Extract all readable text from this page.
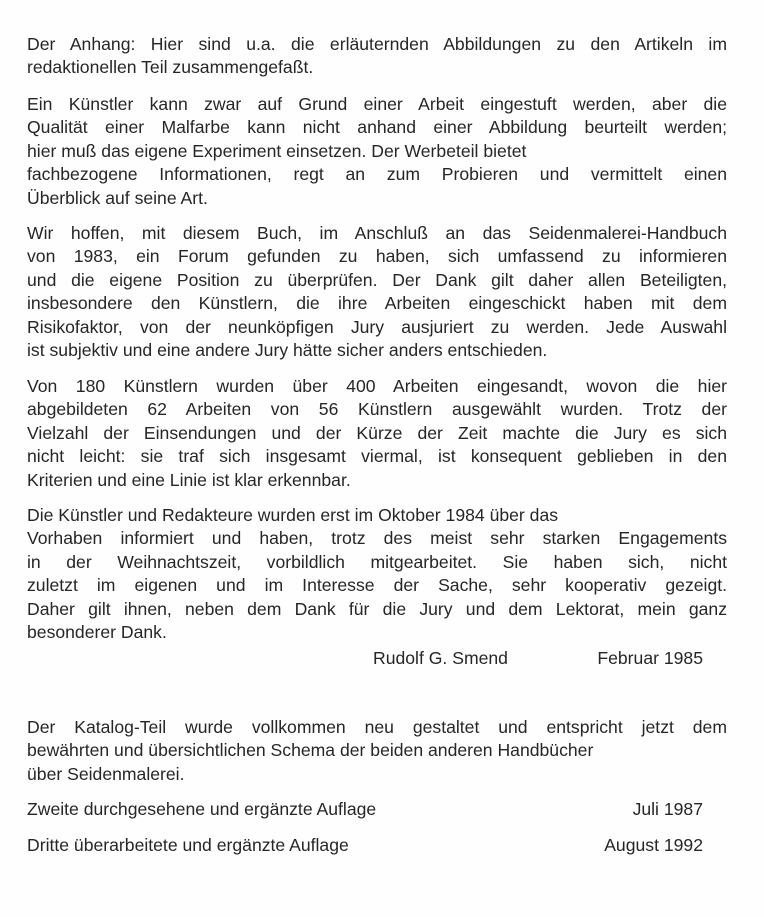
Der Anhang: Hier sind u.a. die erläuternden Abbildungen zu den Artikeln im
redaktionellen Teil zusammengefaßt.
Ein Künstler kann zwar auf Grund einer Arbeit eingestuft werden, aber die
Qualität einer Malfarbe kann nicht anhand einer Abbildung beurteilt werden;
hier muß das eigene Experiment einsetzen. Der Werbeteil bietet
fachbezogene Informationen, regt an zum Probieren und vermittelt einen
Überblick auf seine Art.
Wir hoffen, mit diesem Buch, im Anschluß an das Seidenmalerei-Handbuch
von 1983, ein Forum gefunden zu haben, sich umfassend zu informieren
und die eigene Position zu überprüfen. Der Dank gilt daher allen Beteiligten,
insbesondere den Künstlern, die ihre Arbeiten eingeschickt haben mit dem
Risikofaktor, von der neunköpfigen Jury ausjuriert zu werden. Jede Auswahl
ist subjektiv und eine andere Jury hätte sicher anders entschieden.
Von 180 Künstlern wurden über 400 Arbeiten eingesandt, wovon die hier
abgebildeten 62 Arbeiten von 56 Künstlern ausgewählt wurden. Trotz der
Vielzahl der Einsendungen und der Kürze der Zeit machte die Jury es sich
nicht leicht: sie traf sich insgesamt viermal, ist konsequent geblieben in den
Kriterien und eine Linie ist klar erkennbar.
Die Künstler und Redakteure wurden erst im Oktober 1984 über das
Vorhaben informiert und haben, trotz des meist sehr starken Engagements
in der Weihnachtszeit, vorbildlich mitgearbeitet. Sie haben sich, nicht
zuletzt im eigenen und im Interesse der Sache, sehr kooperativ gezeigt.
Daher gilt ihnen, neben dem Dank für die Jury und dem Lektorat, mein ganz
besonderer Dank.
Rudolf G. Smend	Februar 1985
Der Katalog-Teil wurde vollkommen neu gestaltet und entspricht jetzt dem
bewährten und übersichtlichen Schema der beiden anderen Handbücher
über Seidenmalerei.
Zweite durchgesehene und ergänzte Auflage	Juli 1987
Dritte überarbeitete und ergänzte Auflage	August 1992
